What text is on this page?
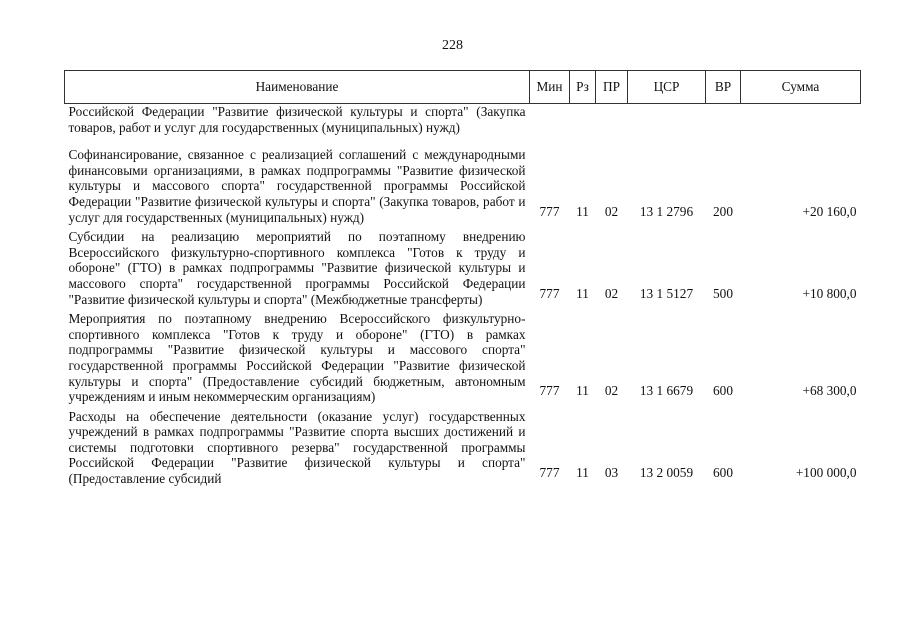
228
Наименование	Мин	Рз	ПР	ЦСР	ВР	Сумма
Российской Федерации "Развитие физической культуры и спорта" (Закупка товаров, работ и услуг для государственных (муниципальных) нужд)						
Софинансирование, связанное с реализацией соглашений с международными финансовыми организациями, в рамках подпрограммы "Развитие физической культуры и массового спорта" государственной программы Российской Федерации "Развитие физической культуры и спорта" (Закупка товаров, работ и услуг для государственных (муниципальных) нужд)	777	11	02	13 1 2796	200	+20 160,0
Субсидии на реализацию мероприятий по поэтапному внедрению Всероссийского физкультурно-спортивного комплекса "Готов к труду и обороне" (ГТО) в рамках подпрограммы "Развитие физической культуры и массового спорта" государственной программы Российской Федерации "Развитие физической культуры и спорта" (Межбюджетные трансферты)	777	11	02	13 1 5127	500	+10 800,0
Мероприятия по поэтапному внедрению Всероссийского физкультурно-спортивного комплекса "Готов к труду и обороне" (ГТО) в рамках подпрограммы "Развитие физической культуры и массового спорта" государственной программы Российской Федерации "Развитие физической культуры и спорта" (Предоставление субсидий бюджетным, автономным учреждениям и иным некоммерческим организациям)	777	11	02	13 1 6679	600	+68 300,0
Расходы на обеспечение деятельности (оказание услуг) государственных учреждений в рамках подпрограммы "Развитие спорта высших достижений и системы подготовки спортивного резерва" государственной программы Российской Федерации "Развитие физической культуры и спорта" (Предоставление субсидий	777	11	03	13 2 0059	600	+100 000,0
